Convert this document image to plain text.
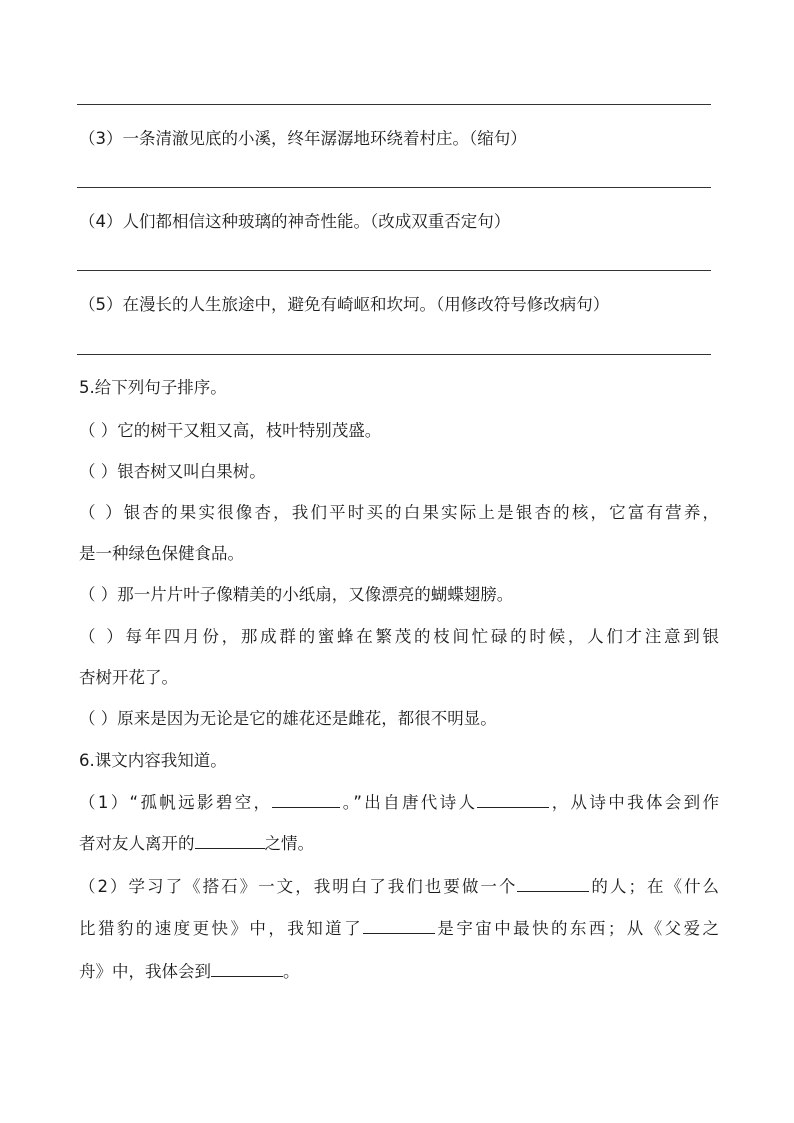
（3）一条清澈见底的小溪，终年潺潺地环绕着村庄。（缩句）
（4）人们都相信这种玻璃的神奇性能。（改成双重否定句）
（5）在漫长的人生旅途中，避免有崎岖和坎坷。（用修改符号修改病句）
5.给下列句子排序。
（ ）它的树干又粗又高，枝叶特别茂盛。
（ ）银杏树又叫白果树。
（ ）银杏的果实很像杏，我们平时买的白果实际上是银杏的核，它富有营养，
是一种绿色保健食品。
（ ）那一片片叶子像精美的小纸扇，又像漂亮的蝴蝶翅膀。
（ ）每年四月份，那成群的蜜蜂在繁茂的枝间忙碌的时候，人们才注意到银
杏树开花了。
（ ）原来是因为无论是它的雄花还是雌花，都很不明显。
6.课文内容我知道。
（1）“孤帆远影碧空，	。”出自唐代诗人	，从诗中我体会到作
者对友人离开的	之情。
（2）学习了《搭石》一文，我明白了我们也要做一个	的人；在《什么
比猎豹的速度更快》中，我知道了	是宇宙中最快的东西；从《父爱之
舟》中，我体会到	。
